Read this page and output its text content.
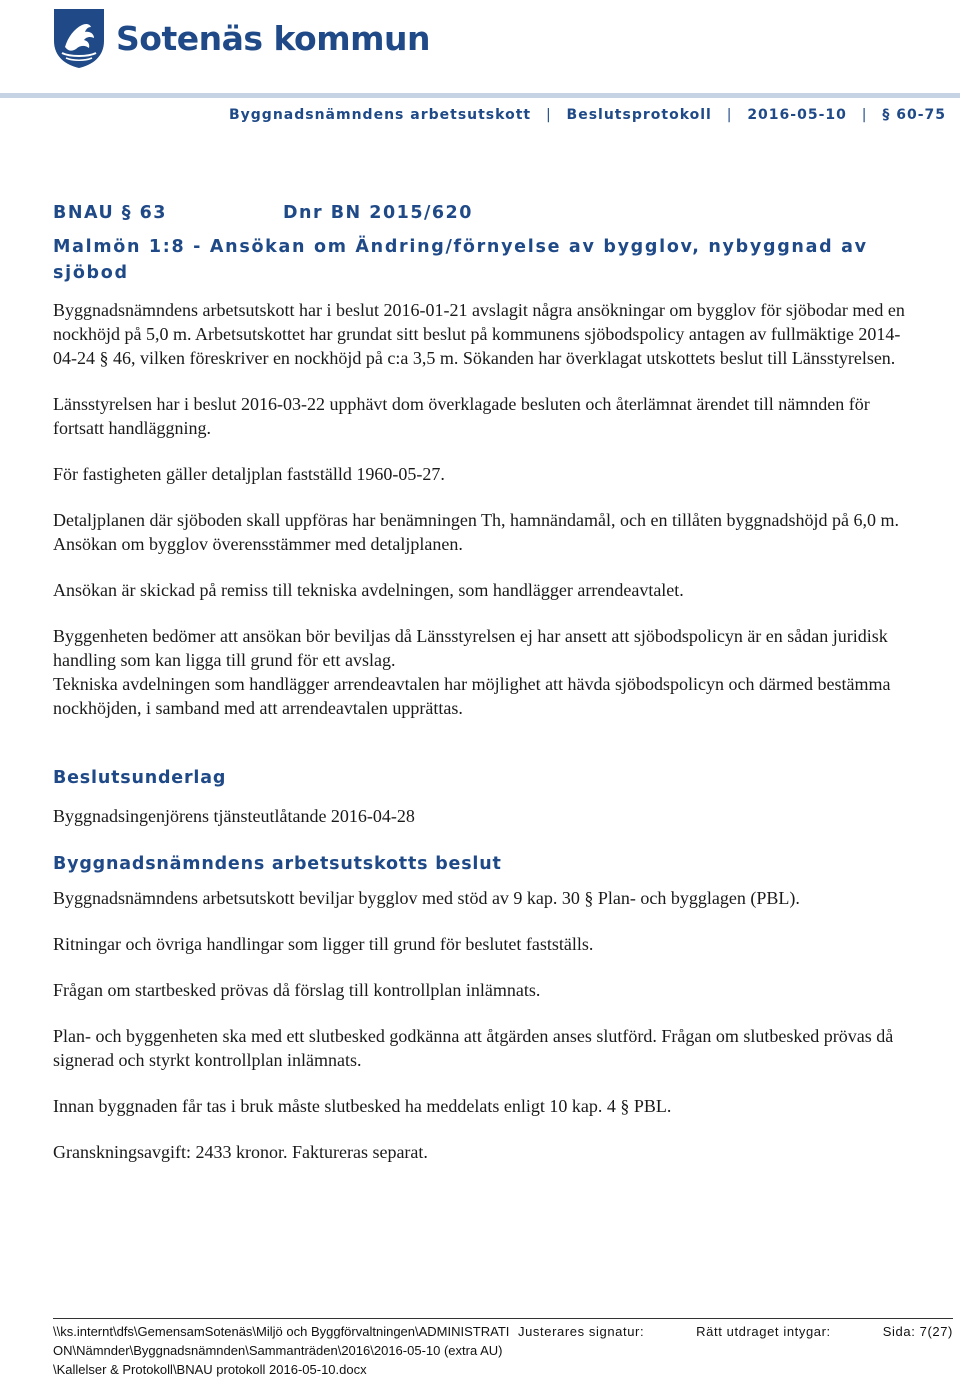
Sotenäs kommun
Byggnadsnämndens arbetsutskott | Beslutsprotokoll | 2016-05-10 | § 60-75
BNAU § 63	Dnr BN 2015/620
Malmön 1:8 - Ansökan om Ändring/förnyelse av bygglov, nybyggnad av sjöbod

Byggnadsnämndens arbetsutskott har i beslut 2016-01-21 avslagit några ansökningar om bygglov för sjöbodar med en nockhöjd på 5,0 m. Arbetsutskottet har grundat sitt beslut på kommunens sjöbodspolicy antagen av fullmäktige 2014-04-24 § 46, vilken föreskriver en nockhöjd på c:a 3,5 m. Sökanden har överklagat utskottets beslut till Länsstyrelsen.

Länsstyrelsen har i beslut 2016-03-22 upphävt dom överklagade besluten och återlämnat ärendet till nämnden för fortsatt handläggning.

För fastigheten gäller detaljplan fastställd 1960-05-27.

Detaljplanen där sjöboden skall uppföras har benämningen Th, hamnändamål, och en tillåten byggnadshöjd på 6,0 m. Ansökan om bygglov överensstämmer med detaljplanen.

Ansökan är skickad på remiss till tekniska avdelningen, som handlägger arrendeavtalet.

Byggenheten bedömer att ansökan bör beviljas då Länsstyrelsen ej har ansett att sjöbodspolicyn är en sådan juridisk handling som kan ligga till grund för ett avslag.

Tekniska avdelningen som handlägger arrendeavtalen har möjlighet att hävda sjöbodspolicyn och därmed bestämma nockhöjden, i samband med att arrendeavtalen upprättas.

Beslutsunderlag

Byggnadsingenjörens tjänsteutlåtande 2016-04-28

Byggnadsnämndens arbetsutskotts beslut

Byggnadsnämndens arbetsutskott beviljar bygglov med stöd av 9 kap. 30 § Plan- och bygglagen (PBL).

Ritningar och övriga handlingar som ligger till grund för beslutet fastställs.

Frågan om startbesked prövas då förslag till kontrollplan inlämnats.

Plan- och byggenheten ska med ett slutbesked godkänna att åtgärden anses slutförd. Frågan om slutbesked prövas då signerad och styrkt kontrollplan inlämnats.

Innan byggnaden får tas i bruk måste slutbesked ha meddelats enligt 10 kap. 4 § PBL.

Granskningsavgift: 2433 kronor. Faktureras separat.

\\ks.internt\dfs\GemensamSotenäs\Miljö och Byggförvaltningen\ADMINISTRATION\Nämnder\Byggnadsnämnden\Sammanträden\2016\2016-05-10 (extra AU)\Kallelser & Protokoll\BNAU protokoll 2016-05-10.docx
Justerares signatur:	Rätt utdraget intygar:	Sida: 7(27)
